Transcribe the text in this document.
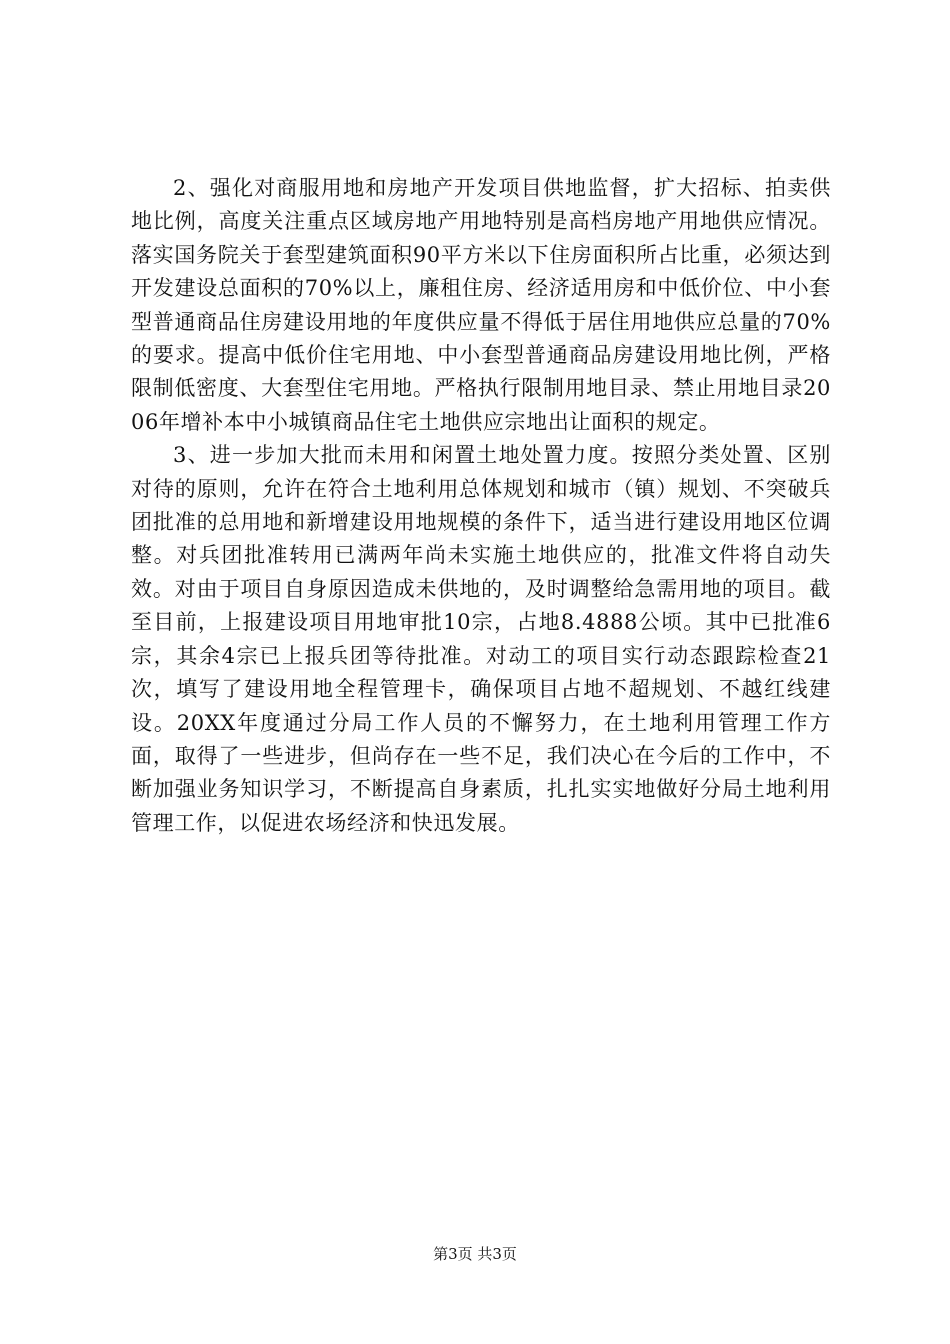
2、强化对商服用地和房地产开发项目供地监督，扩大招标、拍卖供地比例，高度关注重点区域房地产用地特别是高档房地产用地供应情况。落实国务院关于套型建筑面积90平方米以下住房面积所占比重，必须达到开发建设总面积的70%以上，廉租住房、经济适用房和中低价位、中小套型普通商品住房建设用地的年度供应量不得低于居住用地供应总量的70%的要求。提高中低价住宅用地、中小套型普通商品房建设用地比例，严格限制低密度、大套型住宅用地。严格执行限制用地目录、禁止用地目录2006年增补本中小城镇商品住宅土地供应宗地出让面积的规定。

3、进一步加大批而未用和闲置土地处置力度。按照分类处置、区别对待的原则，允许在符合土地利用总体规划和城市（镇）规划、不突破兵团批准的总用地和新增建设用地规模的条件下，适当进行建设用地区位调整。对兵团批准转用已满两年尚未实施土地供应的，批准文件将自动失效。对由于项目自身原因造成未供地的，及时调整给急需用地的项目。截至目前，上报建设项目用地审批10宗，占地8.4888公顷。其中已批准6宗，其余4宗已上报兵团等待批准。对动工的项目实行动态跟踪检查21次，填写了建设用地全程管理卡，确保项目占地不超规划、不越红线建设。20XX年度通过分局工作人员的不懈努力，在土地利用管理工作方面，取得了一些进步，但尚存在一些不足，我们决心在今后的工作中，不断加强业务知识学习，不断提高自身素质，扎扎实实地做好分局土地利用管理工作，以促进农场经济和快迅发展。

第3页 共3页
